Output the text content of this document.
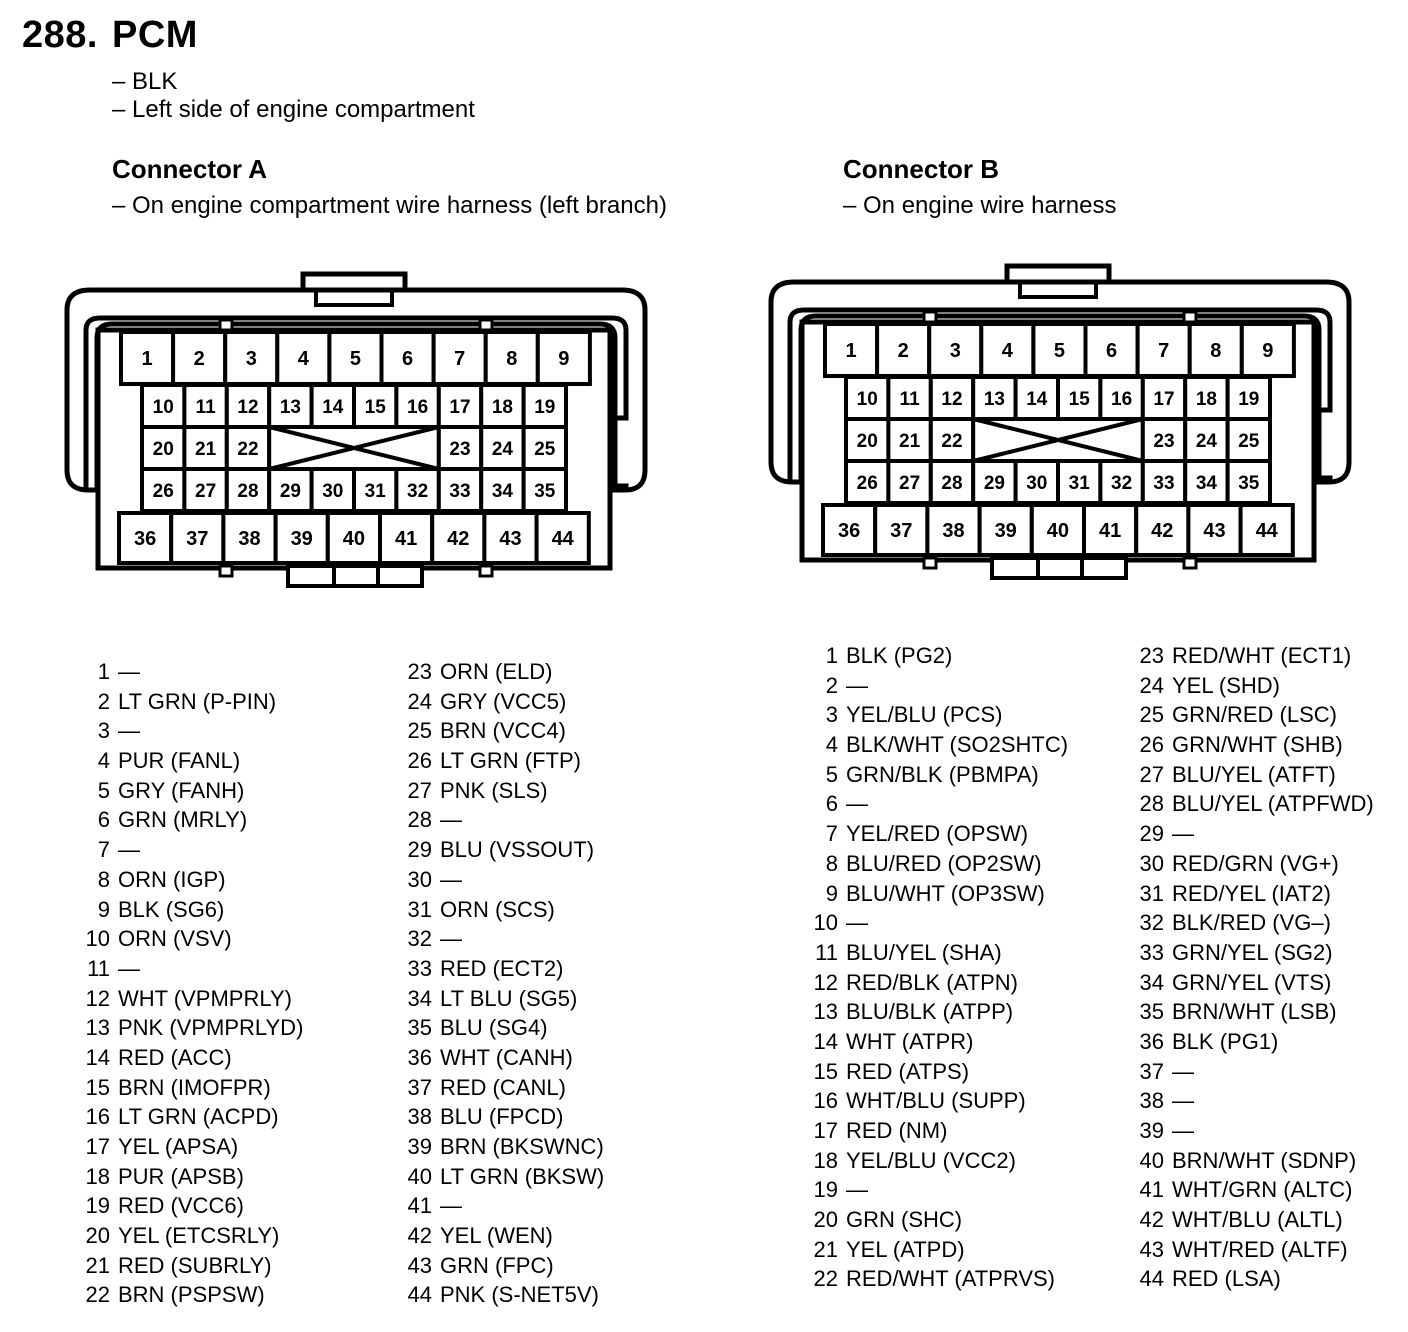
288. PCM
– BLK
– Left side of engine compartment
Connector A
– On engine compartment wire harness (left branch)
Connector B
– On engine wire harness
1 2 3 4 5 6 7 8 9
10 11 12 13 14 15 16 17 18 19
20 21 22	23 24 25
26 27 28 29 30 31 32 33 34 35
36 37 38 39 40 41 42 43 44
1 2 3 4 5 6 7 8 9
10 11 12 13 14 15 16 17 18 19
20 21 22	23 24 25
26 27 28 29 30 31 32 33 34 35
36 37 38 39 40 41 42 43 44
1 —
2 LT GRN (P-PIN)
3 —
4 PUR (FANL)
5 GRY (FANH)
6 GRN (MRLY)
7 —
8 ORN (IGP)
9 BLK (SG6)
10 ORN (VSV)
11 —
12 WHT (VPMPRLY)
13 PNK (VPMPRLYD)
14 RED (ACC)
15 BRN (IMOFPR)
16 LT GRN (ACPD)
17 YEL (APSA)
18 PUR (APSB)
19 RED (VCC6)
20 YEL (ETCSRLY)
21 RED (SUBRLY)
22 BRN (PSPSW)
23 ORN (ELD)
24 GRY (VCC5)
25 BRN (VCC4)
26 LT GRN (FTP)
27 PNK (SLS)
28 —
29 BLU (VSSOUT)
30 —
31 ORN (SCS)
32 —
33 RED (ECT2)
34 LT BLU (SG5)
35 BLU (SG4)
36 WHT (CANH)
37 RED (CANL)
38 BLU (FPCD)
39 BRN (BKSWNC)
40 LT GRN (BKSW)
41 —
42 YEL (WEN)
43 GRN (FPC)
44 PNK (S-NET5V)
1 BLK (PG2)
2 —
3 YEL/BLU (PCS)
4 BLK/WHT (SO2SHTC)
5 GRN/BLK (PBMPA)
6 —
7 YEL/RED (OPSW)
8 BLU/RED (OP2SW)
9 BLU/WHT (OP3SW)
10 —
11 BLU/YEL (SHA)
12 RED/BLK (ATPN)
13 BLU/BLK (ATPP)
14 WHT (ATPR)
15 RED (ATPS)
16 WHT/BLU (SUPP)
17 RED (NM)
18 YEL/BLU (VCC2)
19 —
20 GRN (SHC)
21 YEL (ATPD)
22 RED/WHT (ATPRVS)
23 RED/WHT (ECT1)
24 YEL (SHD)
25 GRN/RED (LSC)
26 GRN/WHT (SHB)
27 BLU/YEL (ATFT)
28 BLU/YEL (ATPFWD)
29 —
30 RED/GRN (VG+)
31 RED/YEL (IAT2)
32 BLK/RED (VG–)
33 GRN/YEL (SG2)
34 GRN/YEL (VTS)
35 BRN/WHT (LSB)
36 BLK (PG1)
37 —
38 —
39 —
40 BRN/WHT (SDNP)
41 WHT/GRN (ALTC)
42 WHT/BLU (ALTL)
43 WHT/RED (ALTF)
44 RED (LSA)
